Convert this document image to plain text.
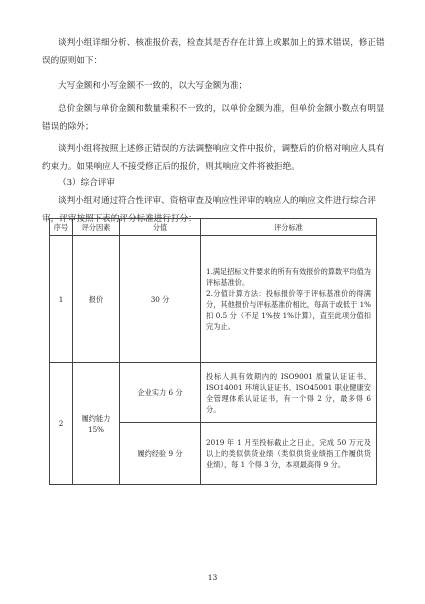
谈判小组详细分析、核准报价表，检查其是否存在计算上或累加上的算术错误，修正错
误的原则如下：
大写金额和小写金额不一致的，以大写金额为准；
总价金额与单价金额和数量乘积不一致的，以单价金额为准，但单价金额小数点有明显
错误的除外；
谈判小组将按照上述修正错误的方法调整响应文件中报价，调整后的价格对响应人具有
约束力。如果响应人不接受修正后的报价，则其响应文件将被拒绝。
（3）综合评审
谈判小组对通过符合性评审、资格审查及响应性评审的响应人的响应文件进行综合评
审，评审按照下表的评分标准进行打分：
序号	评分因素	分值	评分标准
1	报价	30 分	1.满足招标文件要求的所有有效报价的算数平均值为评标基准价。
2.分值计算方法：投标报价等于评标基准价的得满分，其他报价与评标基准价相比，每高于或低于 1%扣 0.5 分（不足 1%按 1%计算），直至此项分值扣完为止。

2	履约能力15%	企业实力 6 分	投标人具有效期内的 ISO9001 质量认证证书、ISO14001 环境认证证书、ISO45001 职业健康安全管理体系认证证书，有一个得 2 分，最多得 6 分。
		履约经验 9 分	2019 年 1 月至投标截止之日止，完成 50 万元及以上的类似供货业绩（类似供货业绩指工作履供货业绩），每 1 个得 3 分，本项最高得 9 分。
13
